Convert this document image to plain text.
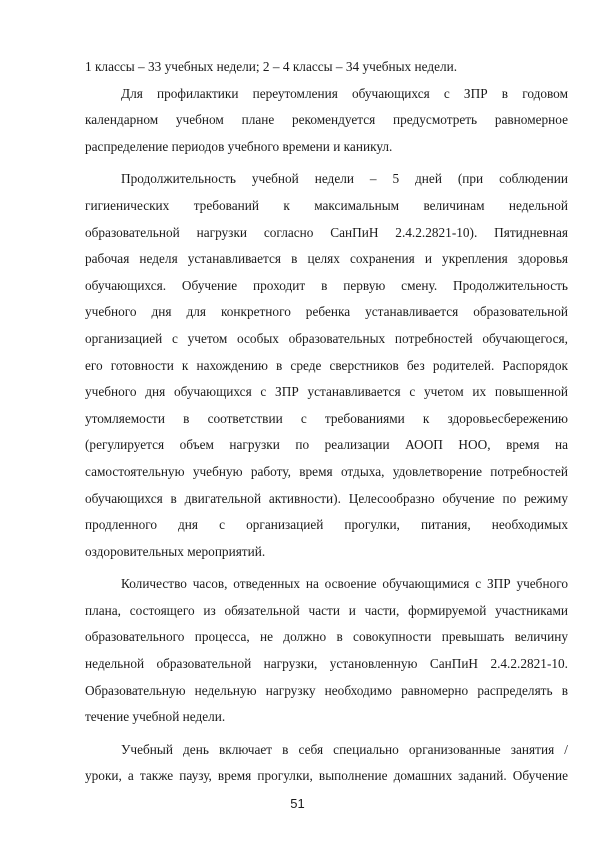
1 классы – 33 учебных недели; 2 – 4 классы – 34 учебных недели.
Для профилактики переутомления обучающихся с ЗПР в годовом
календарном учебном плане рекомендуется предусмотреть равномерное
распределение периодов учебного времени и каникул.
Продолжительность учебной недели – 5 дней (при соблюдении
гигиенических требований к максимальным величинам недельной
образовательной нагрузки согласно СанПиН 2.4.2.2821-10). Пятидневная
рабочая неделя устанавливается в целях сохранения и укрепления здоровья
обучающихся. Обучение проходит в первую смену. Продолжительность
учебного дня для конкретного ребенка устанавливается образовательной
организацией с учетом особых образовательных потребностей обучающегося,
его готовности к нахождению в среде сверстников без родителей. Распорядок
учебного дня обучающихся с ЗПР устанавливается с учетом их повышенной
утомляемости в соответствии с требованиями к здоровьесбережению
(регулируется объем нагрузки по реализации АООП НОО, время на
самостоятельную учебную работу, время отдыха, удовлетворение потребностей
обучающихся в двигательной активности). Целесообразно обучение по режиму
продленного дня с организацией прогулки, питания, необходимых
оздоровительных мероприятий.
Количество часов, отведенных на освоение обучающимися с ЗПР учебного
плана, состоящего из обязательной части и части, формируемой участниками
образовательного процесса, не должно в совокупности превышать величину
недельной образовательной нагрузки, установленную СанПиН 2.4.2.2821-10.
Образовательную недельную нагрузку необходимо равномерно распределять в
течение учебной недели.
Учебный день включает в себя специально организованные занятия /
уроки, а также паузу, время прогулки, выполнение домашних заданий. Обучение
51
